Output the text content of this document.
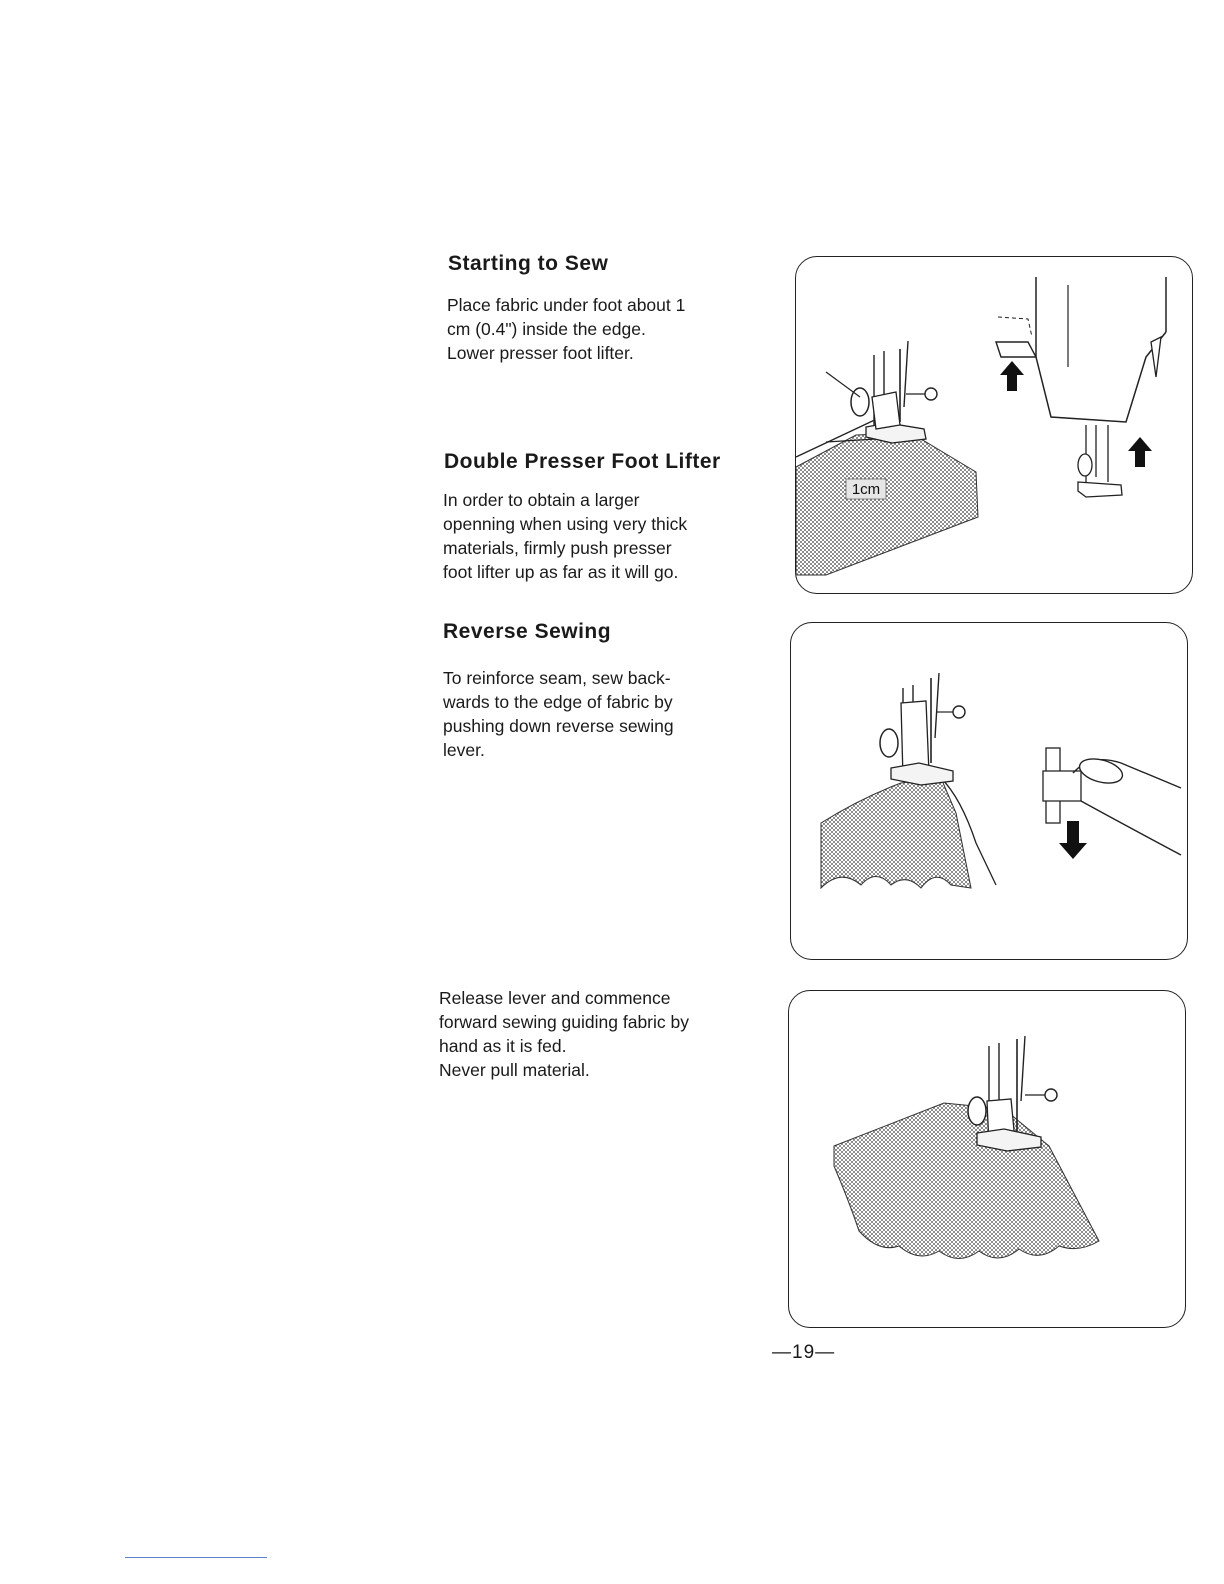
Starting to Sew
Place fabric under foot about 1
cm (0.4") inside the edge.
Lower presser foot lifter.
Double Presser Foot Lifter
In order to obtain a larger
openning when using very thick
materials, firmly push presser
foot lifter up as far as it will go.
Reverse Sewing
To reinforce seam, sew back-
wards to the edge of fabric by
pushing down reverse sewing
lever.
Release lever and commence
forward sewing guiding fabric by
hand as it is fed.
Never pull material.
1cm
—19—
